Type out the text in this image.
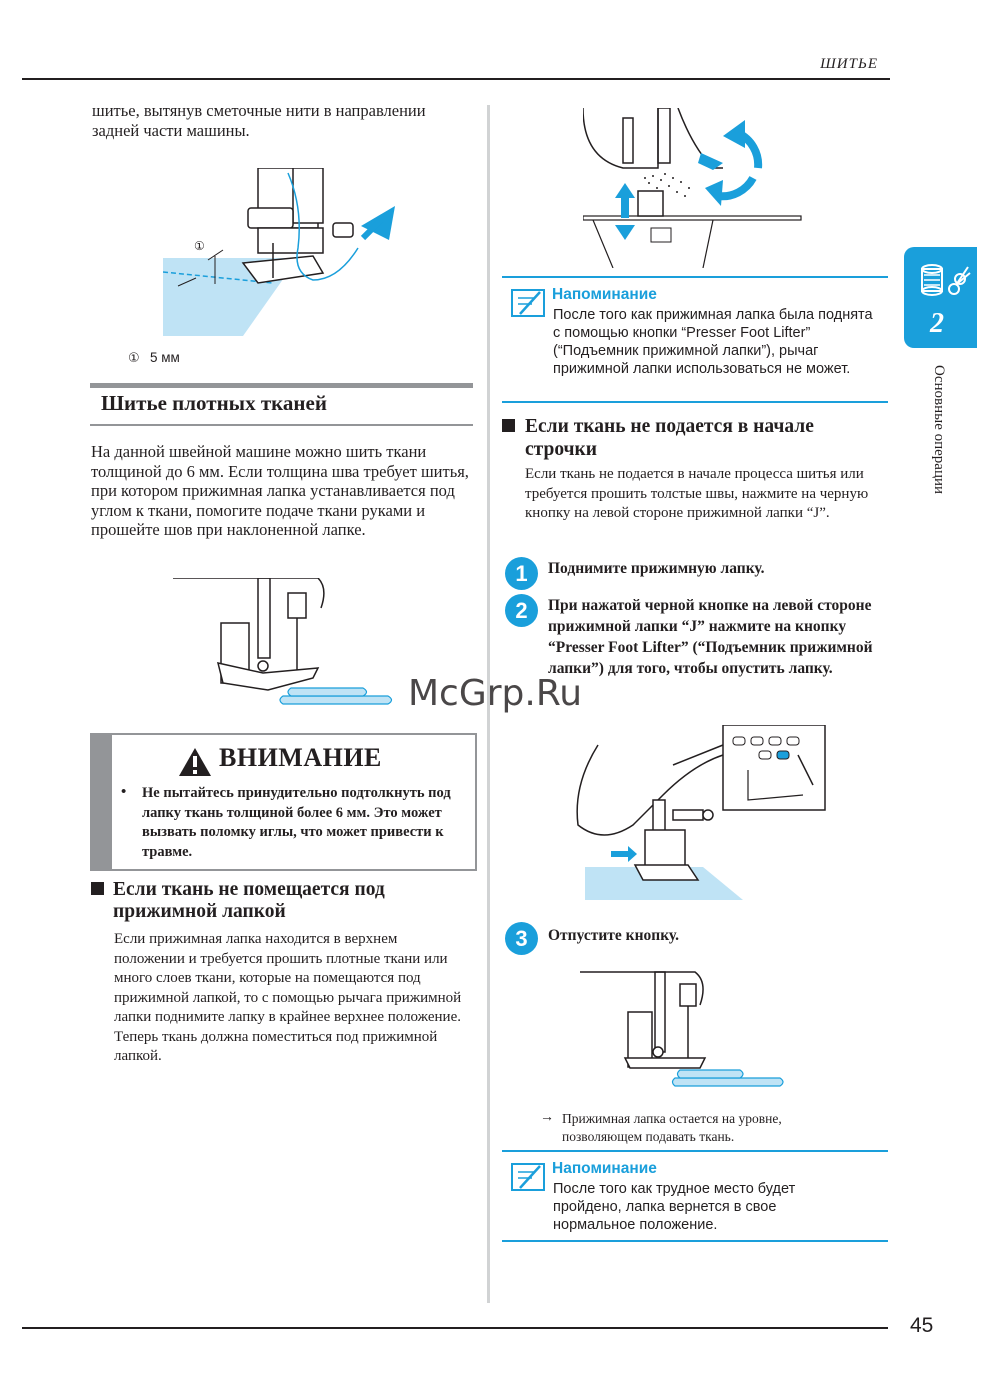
ШИТЬЕ
45
2
Основные операции
шитье, вытянув сметочные нити в направлении задней части машины.
①
① 5 мм
Шитье плотных тканей
На данной швейной машине можно шить ткани толщиной до 6 мм. Если толщина шва требует шитья, при котором прижимная лапка устанавливается под углом к ткани, помогите подаче ткани руками и прошейте шов при наклоненной лапке.
ВНИМАНИЕ
• Не пытайтесь принудительно подтолкнуть под лапку ткань толщиной более 6 мм. Это может вызвать поломку иглы, что может привести к травме.
Если ткань не помещается под прижимной лапкой
Если прижимная лапка находится в верхнем положении и требуется прошить плотные ткани или много слоев ткани, которые на помещаются под прижимной лапкой, то с помощью рычага прижимной лапки поднимите лапку в крайнее верхнее положение. Теперь ткань должна поместиться под прижимной лапкой.
Напоминание
После того как прижимная лапка была поднята с помощью кнопки “Presser Foot Lifter” (“Подъемник прижимной лапки”), рычаг прижимной лапки использоваться не может.
Если ткань не подается в начале строчки
Если ткань не подается в начале процесса шитья или требуется прошить толстые швы, нажмите на черную кнопку на левой стороне прижимной лапки “J”.
1	Поднимите прижимную лапку.
2	При нажатой черной кнопке на левой стороне прижимной лапки “J” нажмите на кнопку “Presser Foot Lifter” (“Подъемник прижимной лапки”) для того, чтобы опустить лапку.
McGrp.Ru
3	Отпустите кнопку.
→ Прижимная лапка остается на уровне, позволяющем подавать ткань.
Напоминание
После того как трудное место будет пройдено, лапка вернется в свое нормальное положение.
